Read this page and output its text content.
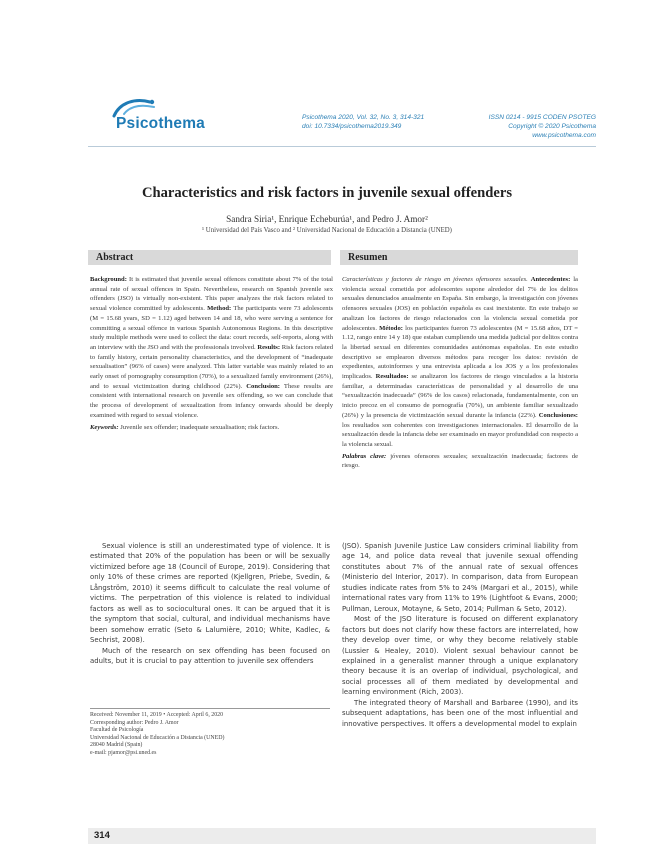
Psicothema	Psicothema 2020, Vol. 32, No. 3, 314-321
doi: 10.7334/psicothema2019.349
ISSN 0214 - 9915 CODEN PSOTEG
Copyright © 2020 Psicothema
www.psicothema.com
Characteristics and risk factors in juvenile sexual offenders
Sandra Siria¹, Enrique Echeburúa¹, and Pedro J. Amor²
¹ Universidad del País Vasco and ² Universidad Nacional de Educación a Distancia (UNED)
Abstract	Resumen
Background: It is estimated that juvenile sexual offences constitute about 7% of the total annual rate of sexual offences in Spain. Nevertheless, research on Spanish juvenile sex offenders (JSO) is virtually non-existent. This paper analyzes the risk factors related to sexual violence committed by adolescents. Method: The participants were 73 adolescents (M = 15.68 years, SD = 1.12) aged between 14 and 18, who were serving a sentence for committing a sexual offence in various Spanish Autonomous Regions. In this descriptive study multiple methods were used to collect the data: court records, self-reports, along with an interview with the JSO and with the professionals involved. Results: Risk factors related to family history, certain personality characteristics, and the development of “inadequate sexualisation” (96% of cases) were analyzed. This latter variable was mainly related to an early onset of pornography consumption (70%), to a sexualized family environment (26%), and to sexual victimization during childhood (22%). Conclusion: These results are consistent with international research on juvenile sex offending, so we can conclude that the process of development of sexualization from infancy onwards should be deeply examined with regard to sexual violence.
Keywords: Juvenile sex offender; inadequate sexualisation; risk factors.
Características y factores de riesgo en jóvenes ofensores sexuales. Antecedentes: la violencia sexual cometida por adolescentes supone alrededor del 7% de los delitos sexuales denunciados anualmente en España. Sin embargo, la investigación con jóvenes ofensores sexuales (JOS) en población española es casi inexistente. En este trabajo se analizan los factores de riesgo relacionados con la violencia sexual cometida por adolescentes. Método: los participantes fueron 73 adolescentes (M = 15.68 años, DT = 1.12, rango entre 14 y 18) que estaban cumpliendo una medida judicial por delitos contra la libertad sexual en diferentes comunidades autónomas españolas. En este estudio descriptivo se emplearon diversos métodos para recoger los datos: revisión de expedientes, autoinformes y una entrevista aplicada a los JOS y a los profesionales implicados. Resultados: se analizaron los factores de riesgo vinculados a la historia familiar, a determinadas características de personalidad y al desarrollo de una “sexualización inadecuada” (96% de los casos) relacionada, fundamentalmente, con un inicio precoz en el consumo de pornografía (70%), un ambiente familiar sexualizado (26%) y la presencia de victimización sexual durante la infancia (22%). Conclusiones: los resultados son coherentes con investigaciones internacionales. El desarrollo de la sexualización desde la infancia debe ser examinado en mayor profundidad con respecto a la violencia sexual.
Palabras clave: jóvenes ofensores sexuales; sexualización inadecuada; factores de riesgo.

Sexual violence is still an underestimated type of violence. It is estimated that 20% of the population has been or will be sexually victimized before age 18 (Council of Europe, 2019). Considering that only 10% of these crimes are reported (Kjellgren, Priebe, Svedin, & Långström, 2010) it seems difficult to calculate the real volume of victims. The perpetration of this violence is related to individual factors as well as to sociocultural ones. It can be argued that it is the symptom that social, cultural, and individual mechanisms have been somehow erratic (Seto & Lalumière, 2010; White, Kadlec, & Sechrist, 2008).

Much of the research on sex offending has been focused on adults, but it is crucial to pay attention to juvenile sex offenders

(JSO). Spanish Juvenile Justice Law considers criminal liability from age 14, and police data reveal that juvenile sexual offending constitutes about 7% of the annual rate of sexual offences (Ministerio del Interior, 2017). In comparison, data from European studies indicate rates from 5% to 24% (Margari et al., 2015), while international rates vary from 11% to 19% (Lightfoot & Evans, 2000; Pullman, Leroux, Motayne, & Seto, 2014; Pullman & Seto, 2012).

Most of the JSO literature is focused on different explanatory factors but does not clarify how these factors are interrelated, how they develop over time, or why they become relatively stable (Lussier & Healey, 2010). Violent sexual behaviour cannot be explained in a generalist manner through a unique explanatory theory because it is an overlap of individual, psychological, and social processes all of them mediated by developmental and learning environment (Rich, 2003).

The integrated theory of Marshall and Barbaree (1990), and its subsequent adaptations, has been one of the most influential and innovative perspectives. It offers a developmental model to explain

Received: November 11, 2019 • Accepted: April 6, 2020
Corresponding author: Pedro J. Amor
Facultad de Psicología
Universidad Nacional de Educación a Distancia (UNED)
28040 Madrid (Spain)
e-mail: pjamor@psi.uned.es
314
